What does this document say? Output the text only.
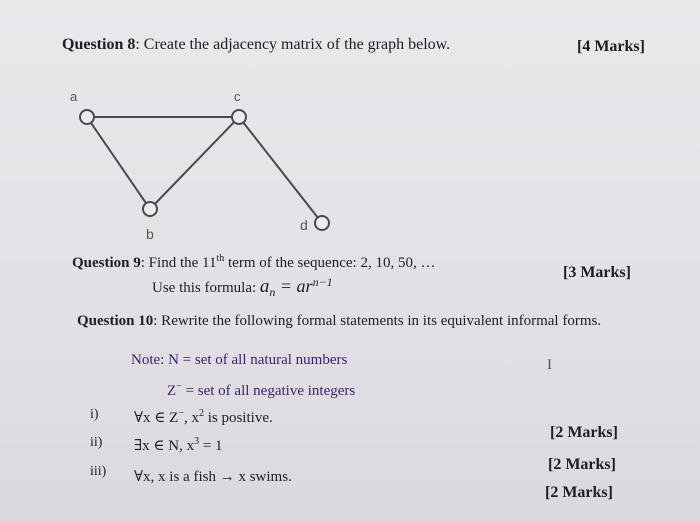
Question 8: Create the adjacency matrix of the graph below.	[4 Marks]
a	c
b
d
Question 9: Find the 11th term of the sequence: 2, 10, 50, …
Use this formula: $a_n = ar^{n-1}$
[3 Marks]
Question 10: Rewrite the following formal statements in its equivalent informal forms.
Note: N = set of all natural numbers
Z− = set of all negative integers
I
i) ∀x ∈ Z−, $x^2$ is positive.
ii) ∃x ∈ N, $x^3 = 1$
iii) ∀x, x is a fish → x swims.
[2 Marks]
[2 Marks]
[2 Marks]
